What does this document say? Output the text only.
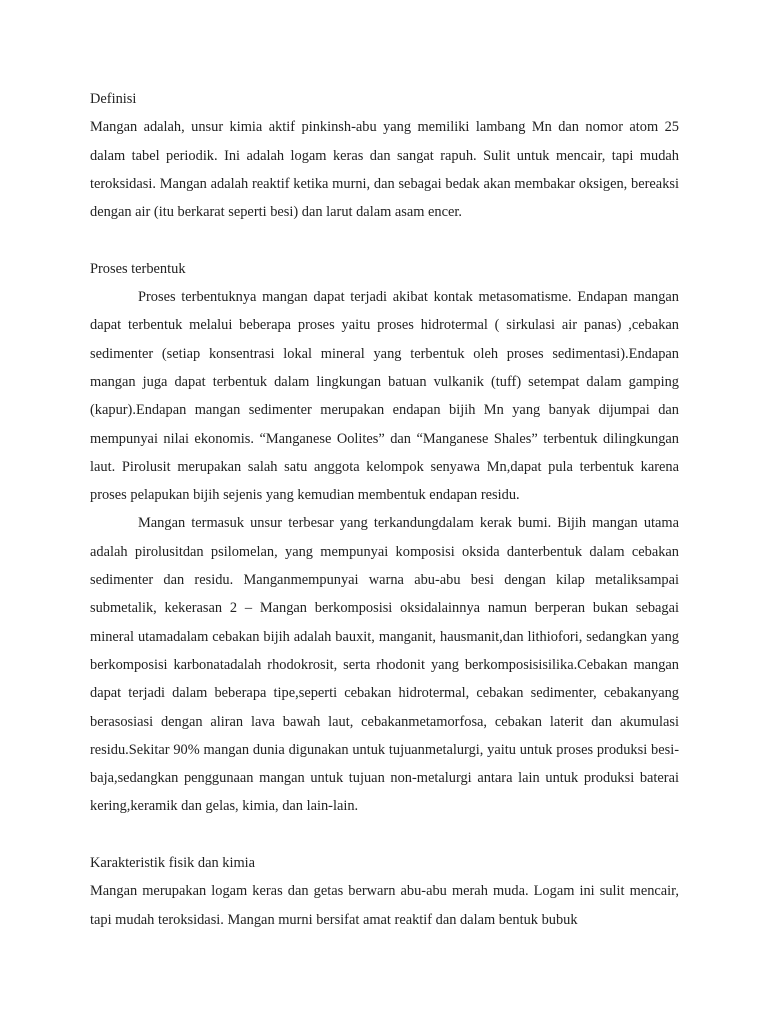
Definisi

Mangan adalah, unsur kimia aktif pinkinsh-abu yang memiliki lambang Mn dan nomor atom 25 dalam tabel periodik. Ini adalah logam keras dan sangat rapuh. Sulit untuk mencair, tapi mudah teroksidasi. Mangan adalah reaktif ketika murni, dan sebagai bedak akan membakar oksigen, bereaksi dengan air (itu berkarat seperti besi) dan larut dalam asam encer.

Proses terbentuk

Proses terbentuknya mangan dapat terjadi akibat kontak metasomatisme. Endapan mangan dapat terbentuk melalui beberapa proses yaitu proses hidrotermal ( sirkulasi air panas) ,cebakan sedimenter (setiap konsentrasi lokal mineral yang terbentuk oleh proses sedimentasi).Endapan mangan juga dapat terbentuk dalam lingkungan batuan vulkanik (tuff) setempat dalam gamping (kapur).Endapan mangan sedimenter merupakan endapan bijih Mn yang banyak dijumpai dan mempunyai nilai ekonomis. “Manganese Oolites” dan “Manganese Shales” terbentuk dilingkungan laut. Pirolusit merupakan salah satu anggota kelompok senyawa Mn,dapat pula terbentuk karena proses pelapukan bijih sejenis yang kemudian membentuk endapan residu.

Mangan termasuk unsur terbesar yang terkandungdalam kerak bumi. Bijih mangan utama adalah pirolusitdan psilomelan, yang mempunyai komposisi oksida danterbentuk dalam cebakan sedimenter dan residu. Manganmempunyai warna abu-abu besi dengan kilap metaliksampai submetalik, kekerasan 2 – Mangan berkomposisi oksidalainnya namun berperan bukan sebagai mineral utamadalam cebakan bijih adalah bauxit, manganit, hausmanit,dan lithiofori, sedangkan yang berkomposisi karbonatadalah rhodokrosit, serta rhodonit yang berkomposisisilika.Cebakan mangan dapat terjadi dalam beberapa tipe,seperti cebakan hidrotermal, cebakan sedimenter, cebakanyang berasosiasi dengan aliran lava bawah laut, cebakanmetamorfosa, cebakan laterit dan akumulasi residu.Sekitar 90% mangan dunia digunakan untuk tujuanmetalurgi, yaitu untuk proses produksi besi-baja,sedangkan penggunaan mangan untuk tujuan non-metalurgi antara lain untuk produksi baterai kering,keramik dan gelas, kimia, dan lain-lain.

Karakteristik fisik dan kimia

Mangan merupakan logam keras dan getas berwarn abu-abu merah muda. Logam ini sulit mencair, tapi mudah teroksidasi. Mangan murni bersifat amat reaktif dan dalam bentuk bubuk
